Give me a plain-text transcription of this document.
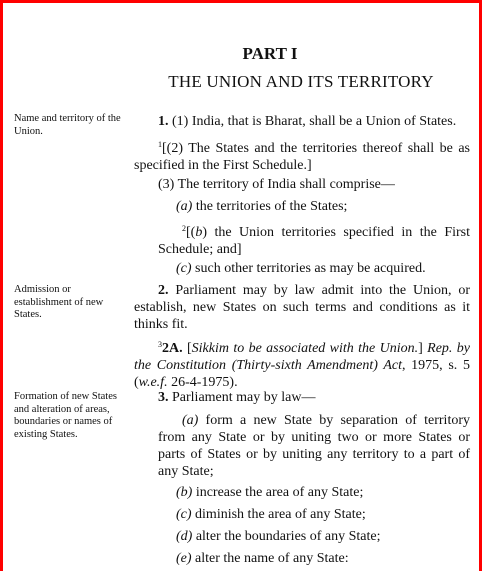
PART I
THE UNION AND ITS TERRITORY
Name and territory of the Union.
1. (1) India, that is Bharat, shall be a Union of States.
$^1$[(2) The States and the territories thereof shall be as specified in the First Schedule.]
(3) The territory of India shall comprise—
(a) the territories of the States;
$^2$[(b) the Union territories specified in the First Schedule; and]
(c) such other territories as may be acquired.
Admission or establishment of new States.
2. Parliament may by law admit into the Union, or establish, new States on such terms and conditions as it thinks fit.
$^3$2A. [Sikkim to be associated with the Union.] Rep. by the Constitution (Thirty-sixth Amendment) Act, 1975, s. 5 (w.e.f. 26-4-1975).
Formation of new States and alteration of areas, boundaries or names of existing States.
3. Parliament may by law—
(a) form a new State by separation of territory from any State or by uniting two or more States or parts of States or by uniting any territory to a part of any State;
(b) increase the area of any State;
(c) diminish the area of any State;
(d) alter the boundaries of any State;
(e) alter the name of any State:
